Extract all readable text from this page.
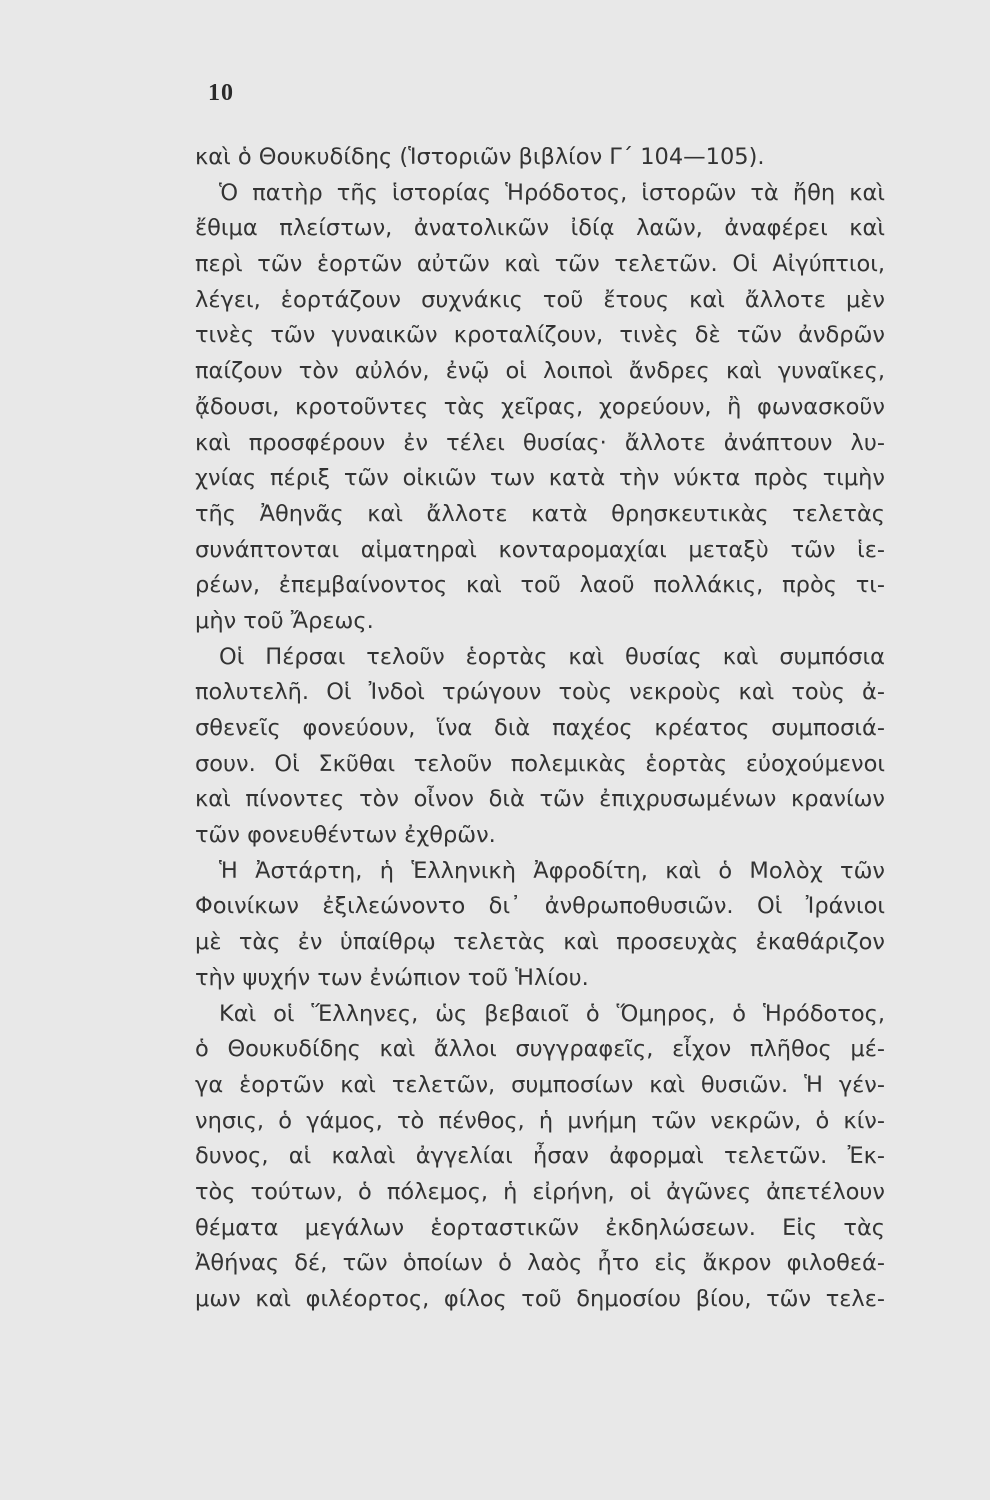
10
καὶ ὁ Θουκυδίδης (Ἱστοριῶν βιβλίον Γ΄ 104—105).
Ὁ πατὴρ τῆς ἱστορίας Ἡρόδοτος, ἱστορῶν τὰ ἤθη καὶ
ἔθιμα πλείστων, ἀνατολικῶν ἰδίᾳ λαῶν, ἀναφέρει καὶ
περὶ τῶν ἑορτῶν αὐτῶν καὶ τῶν τελετῶν. Οἱ Αἰγύπτιοι,
λέγει, ἑορτάζουν συχνάκις τοῦ ἔτους καὶ ἄλλοτε μὲν
τινὲς τῶν γυναικῶν κροταλίζουν, τινὲς δὲ τῶν ἀνδρῶν
παίζουν τὸν αὐλόν, ἐνῷ οἱ λοιποὶ ἄνδρες καὶ γυναῖκες,
ᾄδουσι, κροτοῦντες τὰς χεῖρας, χορεύουν, ἢ φωνασκοῦν
καὶ προσφέρουν ἐν τέλει θυσίας· ἄλλοτε ἀνάπτουν λυ-
χνίας πέριξ τῶν οἰκιῶν των κατὰ τὴν νύκτα πρὸς τιμὴν
τῆς Ἀθηνᾶς καὶ ἄλλοτε κατὰ θρησκευτικὰς τελετὰς
συνάπτονται αἱματηραὶ κονταρομαχίαι μεταξὺ τῶν ἱε-
ρέων, ἐπεμβαίνοντος καὶ τοῦ λαοῦ πολλάκις, πρὸς τι-
μὴν τοῦ Ἄρεως.
Οἱ Πέρσαι τελοῦν ἑορτὰς καὶ θυσίας καὶ συμπόσια
πολυτελῆ. Οἱ Ἰνδοὶ τρώγουν τοὺς νεκροὺς καὶ τοὺς ἀ-
σθενεῖς φονεύουν, ἵνα διὰ παχέος κρέατος συμποσιά-
σουν. Οἱ Σκῦθαι τελοῦν πολεμικὰς ἑορτὰς εὐοχούμενοι
καὶ πίνοντες τὸν οἶνον διὰ τῶν ἐπιχρυσωμένων κρανίων
τῶν φονευθέντων ἐχθρῶν.
Ἡ Ἀστάρτη, ἡ Ἑλληνικὴ Ἀφροδίτη, καὶ ὁ Μολὸχ τῶν
Φοινίκων ἐξιλεώνοντο δι᾽ ἀνθρωποθυσιῶν. Οἱ Ἰράνιοι
μὲ τὰς ἐν ὑπαίθρῳ τελετὰς καὶ προσευχὰς ἐκαθάριζον
τὴν ψυχήν των ἐνώπιον τοῦ Ἡλίου.
Καὶ οἱ Ἕλληνες, ὡς βεβαιοῖ ὁ Ὅμηρος, ὁ Ἡρόδοτος,
ὁ Θουκυδίδης καὶ ἄλλοι συγγραφεῖς, εἶχον πλῆθος μέ-
γα ἑορτῶν καὶ τελετῶν, συμποσίων καὶ θυσιῶν. Ἡ γέν-
νησις, ὁ γάμος, τὸ πένθος, ἡ μνήμη τῶν νεκρῶν, ὁ κίν-
δυνος, αἱ καλαὶ ἀγγελίαι ἦσαν ἀφορμαὶ τελετῶν. Ἐκ-
τὸς τούτων, ὁ πόλεμος, ἡ εἰρήνη, οἱ ἀγῶνες ἀπετέλουν
θέματα μεγάλων ἑορταστικῶν ἐκδηλώσεων. Εἰς τὰς
Ἀθήνας δέ, τῶν ὁποίων ὁ λαὸς ἦτο εἰς ἄκρον φιλοθεά-
μων καὶ φιλέορτος, φίλος τοῦ δημοσίου βίου, τῶν τελε-
